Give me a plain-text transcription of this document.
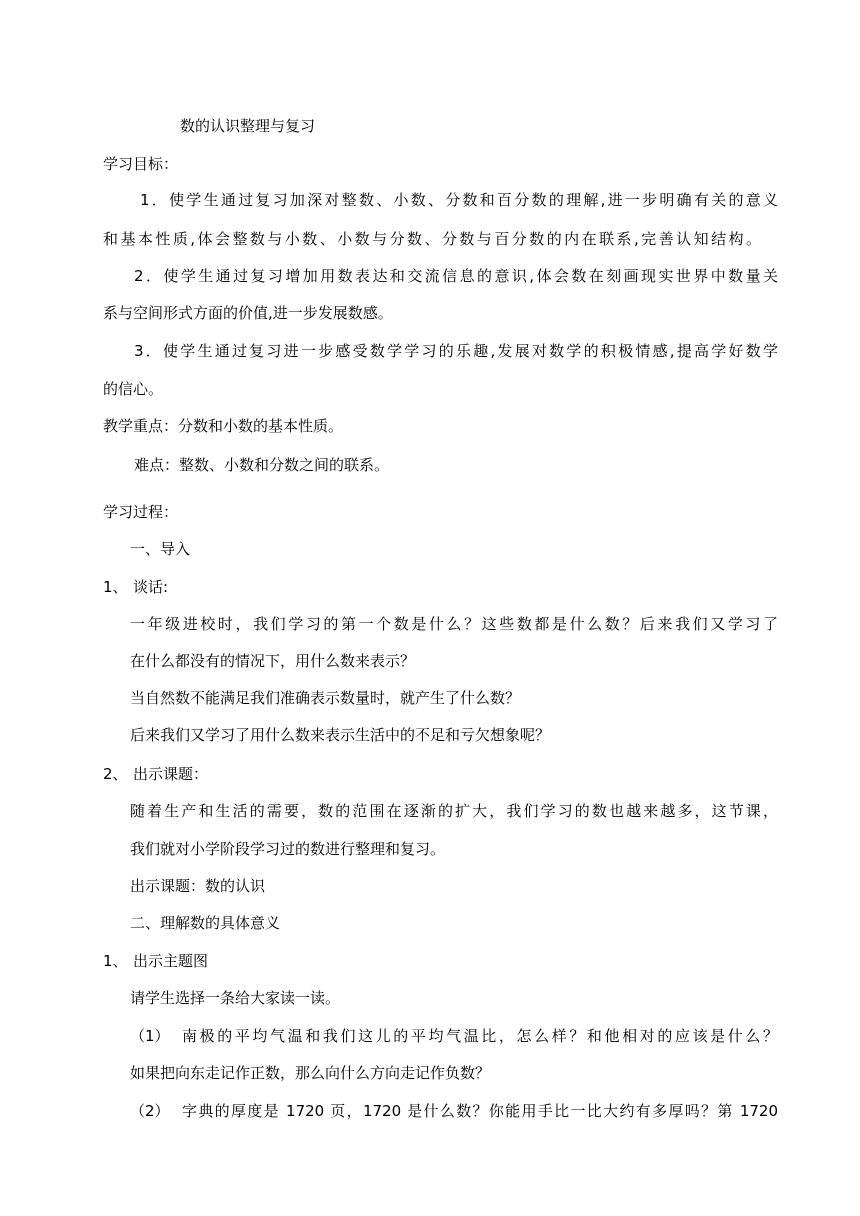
数的认识整理与复习
学习目标：
1．使学生通过复习加深对整数、小数、分数和百分数的理解,进一步明确有关的意义
和基本性质,体会整数与小数、小数与分数、分数与百分数的内在联系,完善认知结构。
2．使学生通过复习增加用数表达和交流信息的意识,体会数在刻画现实世界中数量关
系与空间形式方面的价值,进一步发展数感。
3．使学生通过复习进一步感受数学学习的乐趣,发展对数学的积极情感,提高学好数学
的信心。
教学重点：分数和小数的基本性质。
难点：整数、小数和分数之间的联系。
学习过程：
一、导入
1、 谈话:
一年级进校时，我们学习的第一个数是什么？这些数都是什么数？后来我们又学习了
在什么都没有的情况下，用什么数来表示？
当自然数不能满足我们准确表示数量时，就产生了什么数？
后来我们又学习了用什么数来表示生活中的不足和亏欠想象呢？
2、 出示课题：
随着生产和生活的需要，数的范围在逐渐的扩大，我们学习的数也越来越多，这节课，
我们就对小学阶段学习过的数进行整理和复习。
出示课题：数的认识
二、理解数的具体意义
1、 出示主题图
请学生选择一条给大家读一读。
（1） 南极的平均气温和我们这儿的平均气温比，怎么样？和他相对的应该是什么？
如果把向东走记作正数，那么向什么方向走记作负数？
（2） 字典的厚度是 1720 页，1720 是什么数？你能用手比一比大约有多厚吗？第 1720
